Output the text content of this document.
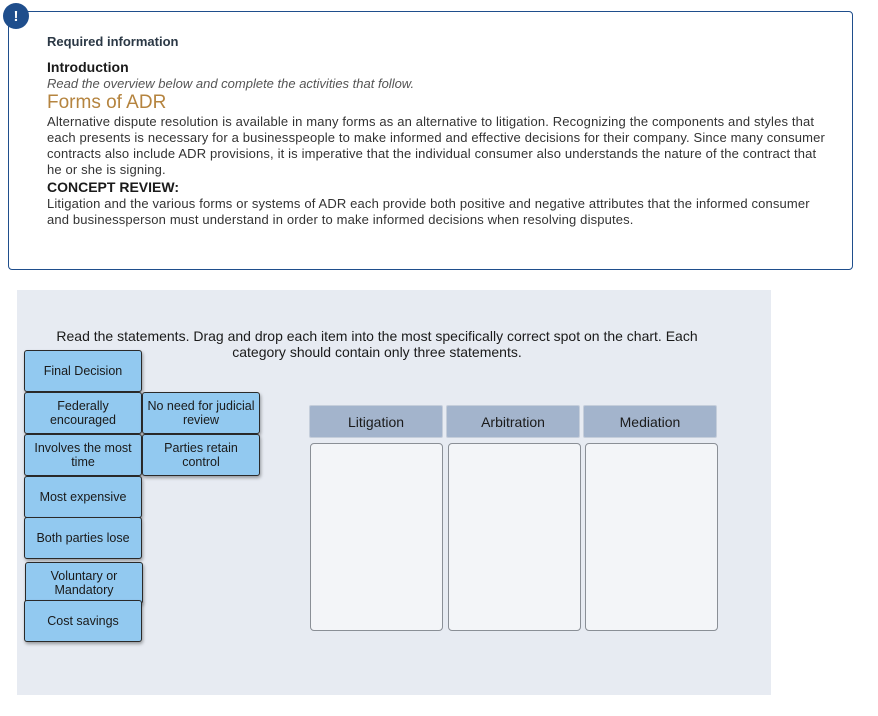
!

Required information

Introduction

Read the overview below and complete the activities that follow.

Forms of ADR

Alternative dispute resolution is available in many forms as an alternative to litigation. Recognizing the components and styles that each presents is necessary for a businesspeople to make informed and effective decisions for their company. Since many consumer contracts also include ADR provisions, it is imperative that the individual consumer also understands the nature of the contract that he or she is signing.

CONCEPT REVIEW:

Litigation and the various forms or systems of ADR each provide both positive and negative attributes that the informed consumer and businessperson must understand in order to make informed decisions when resolving disputes.

Read the statements. Drag and drop each item into the most specifically correct spot on the chart. Each category should contain only three statements.
Final Decision
Federally encouraged
No need for judicial review
Involves the most time
Parties retain control
Most expensive
Both parties lose
Voluntary or Mandatory
Cost savings
Litigation	Arbitration	Mediation
